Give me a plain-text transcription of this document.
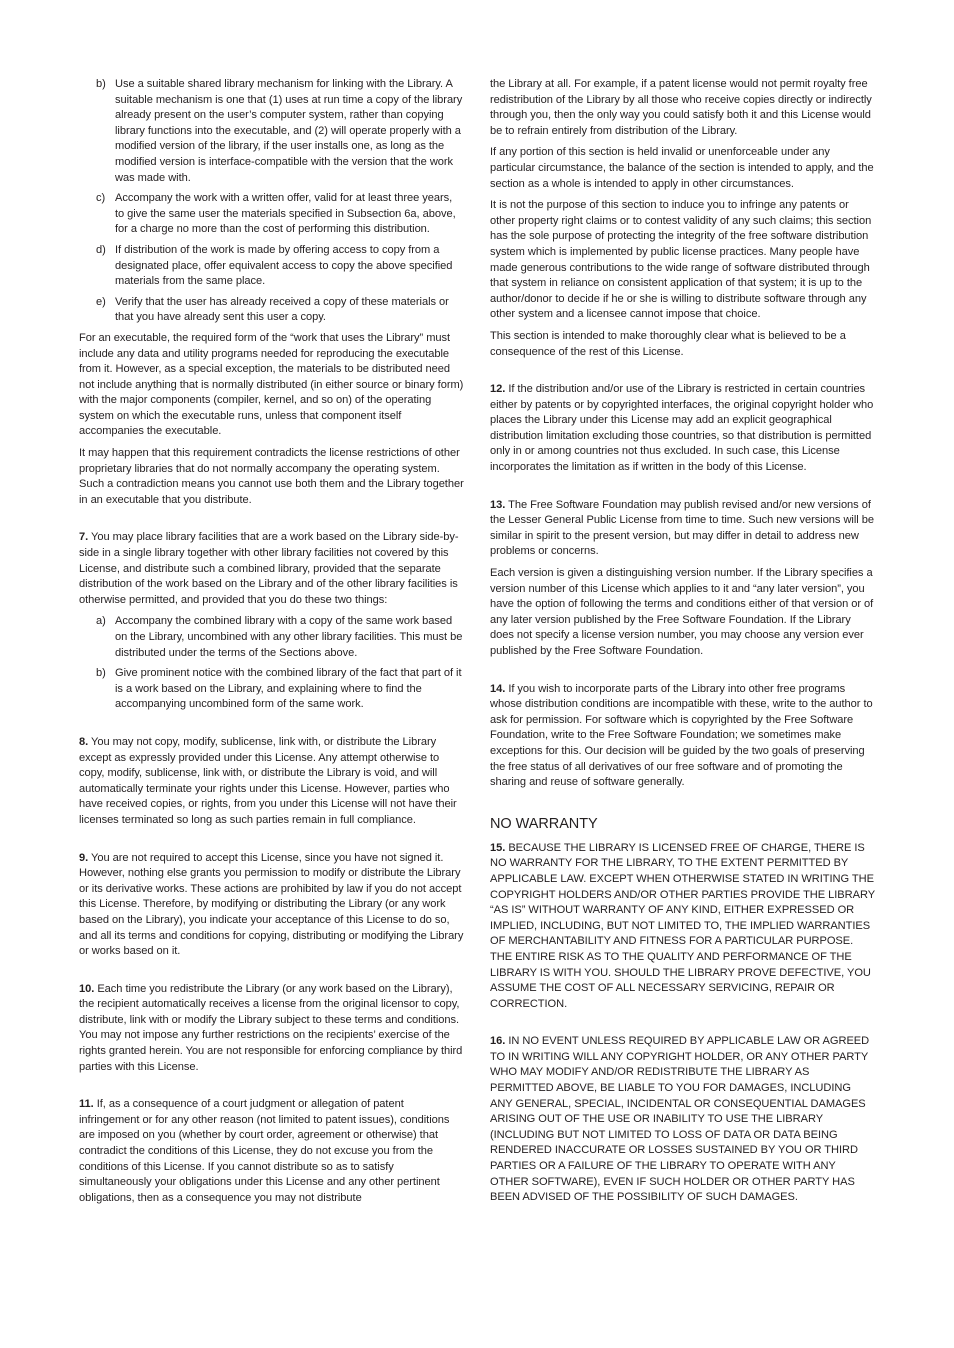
b) Use a suitable shared library mechanism for linking with the Library. A suitable mechanism is one that (1) uses at run time a copy of the library already present on the user’s computer system, rather than copying library functions into the executable, and (2) will operate properly with a modified version of the library, if the user installs one, as long as the modified version is interface-compatible with the version that the work was made with.
c) Accompany the work with a written offer, valid for at least three years, to give the same user the materials specified in Subsection 6a, above, for a charge no more than the cost of performing this distribution.
d) If distribution of the work is made by offering access to copy from a designated place, offer equivalent access to copy the above specified materials from the same place.
e) Verify that the user has already received a copy of these materials or that you have already sent this user a copy.

For an executable, the required form of the “work that uses the Library” must include any data and utility programs needed for reproducing the executable from it. However, as a special exception, the materials to be distributed need not include anything that is normally distributed (in either source or binary form) with the major components (compiler, kernel, and so on) of the operating system on which the executable runs, unless that component itself accompanies the executable.

It may happen that this requirement contradicts the license restrictions of other proprietary libraries that do not normally accompany the operating system. Such a contradiction means you cannot use both them and the Library together in an executable that you distribute.

7. You may place library facilities that are a work based on the Library side-by-side in a single library together with other library facilities not covered by this License, and distribute such a combined library, provided that the separate distribution of the work based on the Library and of the other library facilities is otherwise permitted, and provided that you do these two things:

a) Accompany the combined library with a copy of the same work based on the Library, uncombined with any other library facilities. This must be distributed under the terms of the Sections above.
b) Give prominent notice with the combined library of the fact that part of it is a work based on the Library, and explaining where to find the accompanying uncombined form of the same work.

8. You may not copy, modify, sublicense, link with, or distribute the Library except as expressly provided under this License. Any attempt otherwise to copy, modify, sublicense, link with, or distribute the Library is void, and will automatically terminate your rights under this License. However, parties who have received copies, or rights, from you under this License will not have their licenses terminated so long as such parties remain in full compliance.

9. You are not required to accept this License, since you have not signed it. However, nothing else grants you permission to modify or distribute the Library or its derivative works. These actions are prohibited by law if you do not accept this License. Therefore, by modifying or distributing the Library (or any work based on the Library), you indicate your acceptance of this License to do so, and all its terms and conditions for copying, distributing or modifying the Library or works based on it.

10. Each time you redistribute the Library (or any work based on the Library), the recipient automatically receives a license from the original licensor to copy, distribute, link with or modify the Library subject to these terms and conditions. You may not impose any further restrictions on the recipients’ exercise of the rights granted herein. You are not responsible for enforcing compliance by third parties with this License.

11. If, as a consequence of a court judgment or allegation of patent infringement or for any other reason (not limited to patent issues), conditions are imposed on you (whether by court order, agreement or otherwise) that contradict the conditions of this License, they do not excuse you from the conditions of this License. If you cannot distribute so as to satisfy simultaneously your obligations under this License and any other pertinent obligations, then as a consequence you may not distribute

the Library at all. For example, if a patent license would not permit royalty free redistribution of the Library by all those who receive copies directly or indirectly through you, then the only way you could satisfy both it and this License would be to refrain entirely from distribution of the Library.

If any portion of this section is held invalid or unenforceable under any particular circumstance, the balance of the section is intended to apply, and the section as a whole is intended to apply in other circumstances.

It is not the purpose of this section to induce you to infringe any patents or other property right claims or to contest validity of any such claims; this section has the sole purpose of protecting the integrity of the free software distribution system which is implemented by public license practices. Many people have made generous contributions to the wide range of software distributed through that system in reliance on consistent application of that system; it is up to the author/donor to decide if he or she is willing to distribute software through any other system and a licensee cannot impose that choice.

This section is intended to make thoroughly clear what is believed to be a consequence of the rest of this License.

12. If the distribution and/or use of the Library is restricted in certain countries either by patents or by copyrighted interfaces, the original copyright holder who places the Library under this License may add an explicit geographical distribution limitation excluding those countries, so that distribution is permitted only in or among countries not thus excluded. In such case, this License incorporates the limitation as if written in the body of this License.

13. The Free Software Foundation may publish revised and/or new versions of the Lesser General Public License from time to time. Such new versions will be similar in spirit to the present version, but may differ in detail to address new problems or concerns.

Each version is given a distinguishing version number. If the Library specifies a version number of this License which applies to it and “any later version”, you have the option of following the terms and conditions either of that version or of any later version published by the Free Software Foundation. If the Library does not specify a license version number, you may choose any version ever published by the Free Software Foundation.

14. If you wish to incorporate parts of the Library into other free programs whose distribution conditions are incompatible with these, write to the author to ask for permission. For software which is copyrighted by the Free Software Foundation, write to the Free Software Foundation; we sometimes make exceptions for this. Our decision will be guided by the two goals of preserving the free status of all derivatives of our free software and of promoting the sharing and reuse of software generally.

NO WARRANTY

15. BECAUSE THE LIBRARY IS LICENSED FREE OF CHARGE, THERE IS NO WARRANTY FOR THE LIBRARY, TO THE EXTENT PERMITTED BY APPLICABLE LAW. EXCEPT WHEN OTHERWISE STATED IN WRITING THE COPYRIGHT HOLDERS AND/OR OTHER PARTIES PROVIDE THE LIBRARY “AS IS” WITHOUT WARRANTY OF ANY KIND, EITHER EXPRESSED OR IMPLIED, INCLUDING, BUT NOT LIMITED TO, THE IMPLIED WARRANTIES OF MERCHANTABILITY AND FITNESS FOR A PARTICULAR PURPOSE. THE ENTIRE RISK AS TO THE QUALITY AND PERFORMANCE OF THE LIBRARY IS WITH YOU. SHOULD THE LIBRARY PROVE DEFECTIVE, YOU ASSUME THE COST OF ALL NECESSARY SERVICING, REPAIR OR CORRECTION.

16. IN NO EVENT UNLESS REQUIRED BY APPLICABLE LAW OR AGREED TO IN WRITING WILL ANY COPYRIGHT HOLDER, OR ANY OTHER PARTY WHO MAY MODIFY AND/OR REDISTRIBUTE THE LIBRARY AS PERMITTED ABOVE, BE LIABLE TO YOU FOR DAMAGES, INCLUDING ANY GENERAL, SPECIAL, INCIDENTAL OR CONSEQUENTIAL DAMAGES ARISING OUT OF THE USE OR INABILITY TO USE THE LIBRARY (INCLUDING BUT NOT LIMITED TO LOSS OF DATA OR DATA BEING RENDERED INACCURATE OR LOSSES SUSTAINED BY YOU OR THIRD PARTIES OR A FAILURE OF THE LIBRARY TO OPERATE WITH ANY OTHER SOFTWARE), EVEN IF SUCH HOLDER OR OTHER PARTY HAS BEEN ADVISED OF THE POSSIBILITY OF SUCH DAMAGES.
